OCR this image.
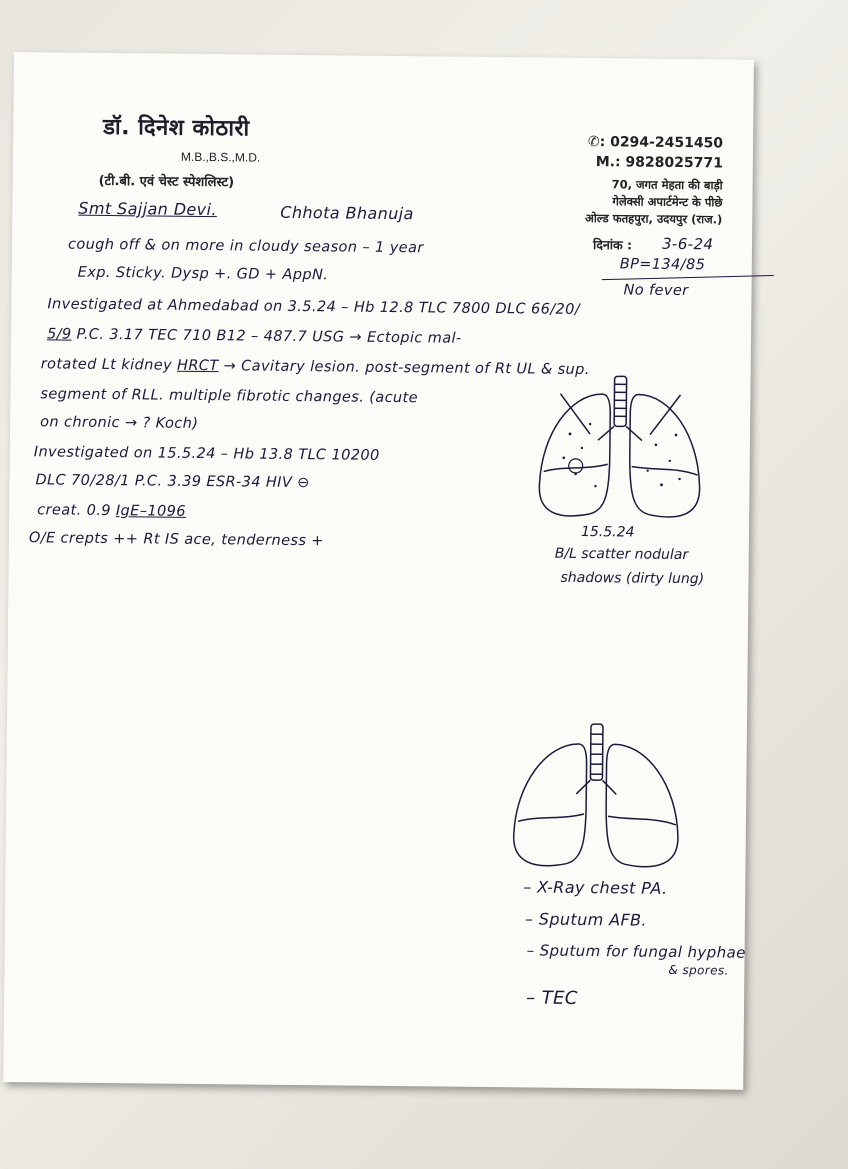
डॉ. दिनेश कोठारी
M.B.,B.S.,M.D.
(टी.बी. एवं चेस्ट स्पेशलिस्ट)
✆: 0294-2451450
M.: 9828025771
70, जगत मेहता की बाड़ी
गेलेक्सी अपार्टमेन्ट के पीछे
ओल्ड फतहपुरा, उदयपुर (राज.)
दिनांक : 3-6-24
BP=134/85
No fever
Smt Sajjan Devi.	Chhota Bhanuja
cough off & on more in cloudy season – 1 year
Exp. Sticky. Dysp +. GD + AppN.
Investigated at Ahmedabad on 3.5.24 – Hb 12.8 TLC 7800 DLC 66/20/
5/9 P.C. 3.17 TEC 710 B12 – 487.7 USG → Ectopic mal-
rotated Lt kidney HRCT → Cavitary lesion. post-segment of Rt UL & sup.
segment of RLL. multiple fibrotic changes. (acute
on chronic → ? Koch)
Investigated on 15.5.24 – Hb 13.8 TLC 10200
DLC 70/28/1 P.C. 3.39 ESR-34 HIV ⊖
creat. 0.9 IgE–1096
O/E crepts ++ Rt IS ace, tenderness +	15.5.24
B/L scatter nodular
shadows (dirty lung)
– X-Ray chest PA.
– Sputum AFB.
– Sputum for fungal hyphae
& spores.
– TEC
